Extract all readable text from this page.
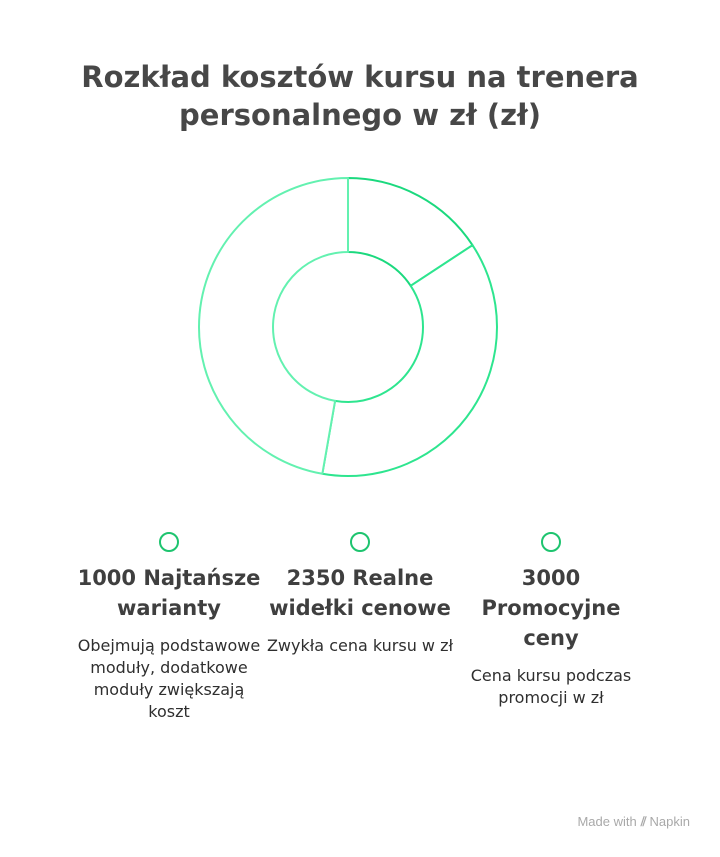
Rozkład kosztów kursu na trenera personalnego w zł (zł)
1000 Najtańsze warianty
Obejmują podstawowe moduły, dodatkowe moduły zwiększają koszt
2350 Realne widełki cenowe
Zwykła cena kursu w zł
3000 Promocyjne ceny
Cena kursu podczas promocji w zł
Made with ⫽ Napkin
